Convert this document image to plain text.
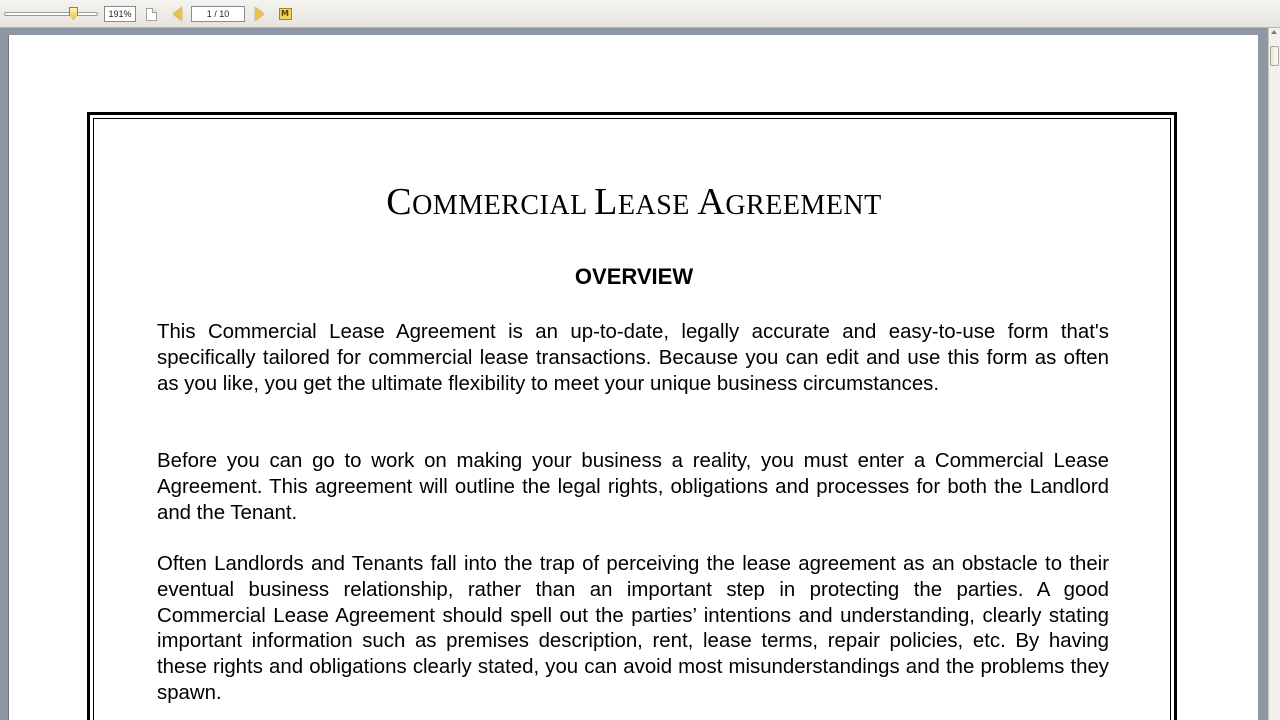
191%	1 / 10	M
COMMERCIAL LEASE AGREEMENT
OVERVIEW

This Commercial Lease Agreement is an up-to-date, legally accurate and easy-to-use form that's specifically tailored for commercial lease transactions. Because you can edit and use this form as often as you like, you get the ultimate flexibility to meet your unique business circumstances.

Before you can go to work on making your business a reality, you must enter a Commercial Lease Agreement. This agreement will outline the legal rights, obligations and processes for both the Landlord and the Tenant.

Often Landlords and Tenants fall into the trap of perceiving the lease agreement as an obstacle to their eventual business relationship, rather than an important step in protecting the parties. A good Commercial Lease Agreement should spell out the parties’ intentions and understanding, clearly stating important information such as premises description, rent, lease terms, repair policies, etc. By having these rights and obligations clearly stated, you can avoid most misunderstandings and the problems they spawn.
